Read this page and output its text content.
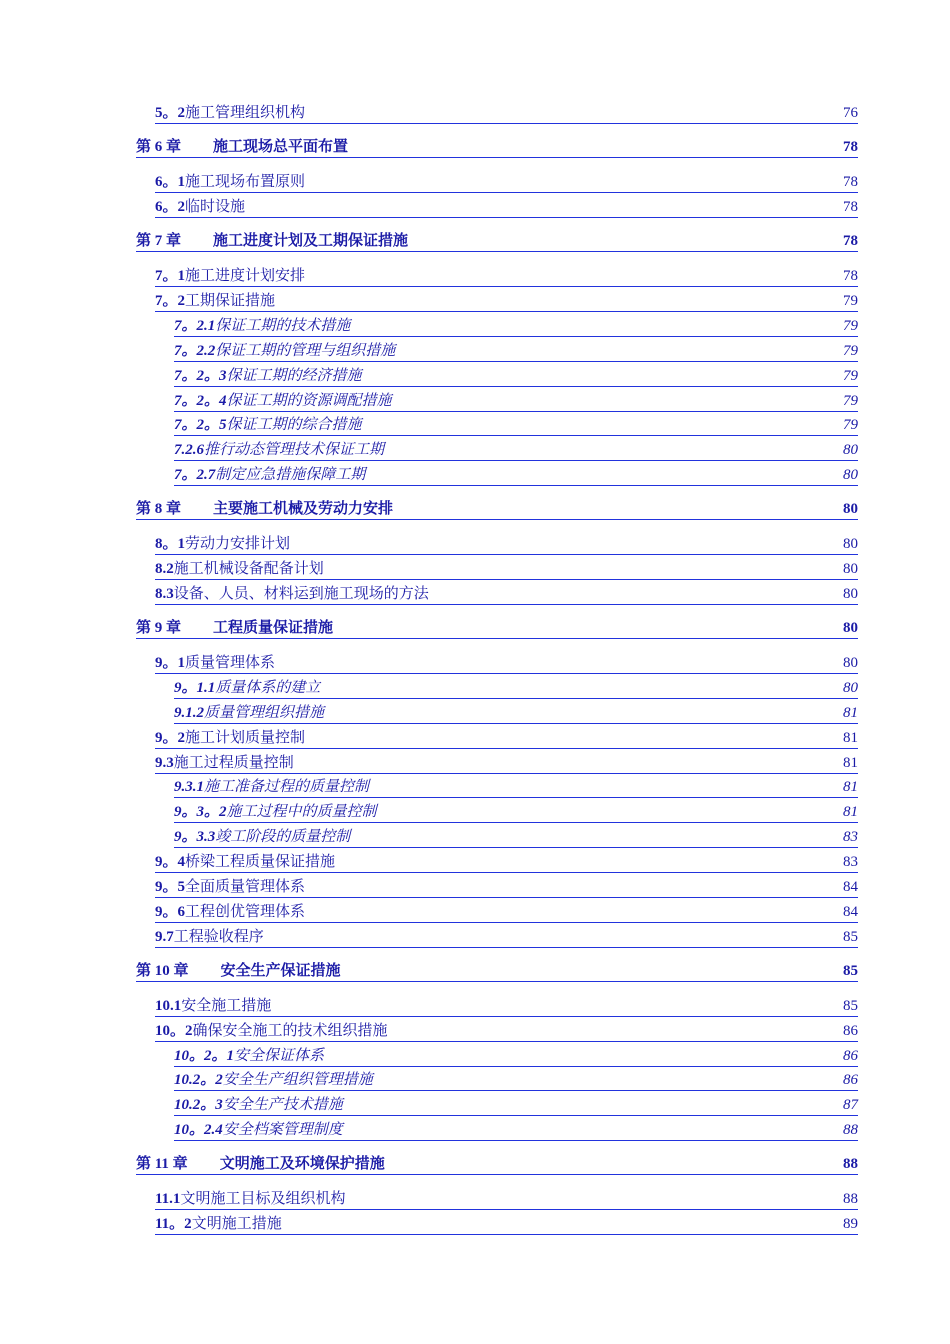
5。2施工管理组织机构	76
第 6 章 施工现场总平面布置	78
6。1施工现场布置原则	78
6。2临时设施	78
第 7 章 施工进度计划及工期保证措施	78
7。1施工进度计划安排	78
7。2工期保证措施	79
7。2.1保证工期的技术措施	79
7。2.2保证工期的管理与组织措施	79
7。2。3保证工期的经济措施	79
7。2。4保证工期的资源调配措施	79
7。2。5保证工期的综合措施	79
7.2.6推行动态管理技术保证工期	80
7。2.7制定应急措施保障工期	80
第 8 章 主要施工机械及劳动力安排	80
8。1劳动力安排计划	80
8.2施工机械设备配备计划	80
8.3设备、人员、材料运到施工现场的方法	80
第 9 章 工程质量保证措施	80
9。1质量管理体系	80
9。1.1质量体系的建立	80
9.1.2质量管理组织措施	81
9。2施工计划质量控制	81
9.3施工过程质量控制	81
9.3.1施工准备过程的质量控制	81
9。3。2施工过程中的质量控制	81
9。3.3竣工阶段的质量控制	83
9。4桥梁工程质量保证措施	83
9。5全面质量管理体系	84
9。6工程创优管理体系	84
9.7工程验收程序	85
第 10 章 安全生产保证措施	85
10.1安全施工措施	85
10。2确保安全施工的技术组织措施	86
10。2。1安全保证体系	86
10.2。2安全生产组织管理措施	86
10.2。3安全生产技术措施	87
10。2.4安全档案管理制度	88
第 11 章 文明施工及环境保护措施	88
11.1文明施工目标及组织机构	88
11。2文明施工措施	89
